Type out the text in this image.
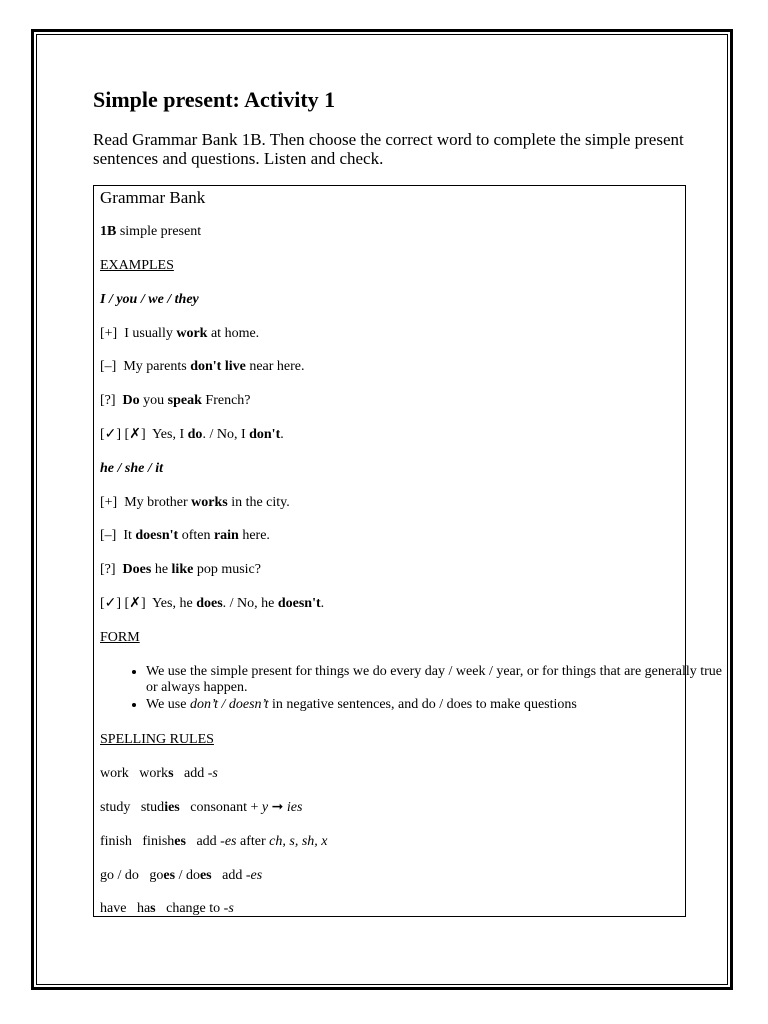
Simple present: Activity 1

Read Grammar Bank 1B. Then choose the correct word to complete the simple present sentences and questions. Listen and check.

Grammar Bank
1B simple present
EXAMPLES
I / you / we / they
[+] I usually work at home.
[–] My parents don't live near here.
[?] Do you speak French?
[✓] [✗] Yes, I do. / No, I don't.
he / she / it
[+] My brother works in the city.
[–] It doesn't often rain here.
[?] Does he like pop music?
[✓] [✗] Yes, he does. / No, he doesn't.
FORM
• We use the simple present for things we do every day / week / year, or for things that are generally true or always happen.
• We use don’t / doesn’t in negative sentences, and do / does to make questions
SPELLING RULES
work works add -s
study studies consonant + y ➞ ies
finish finishes add -es after ch, s, sh, x
go / do goes / does add -es
have has change to -s
